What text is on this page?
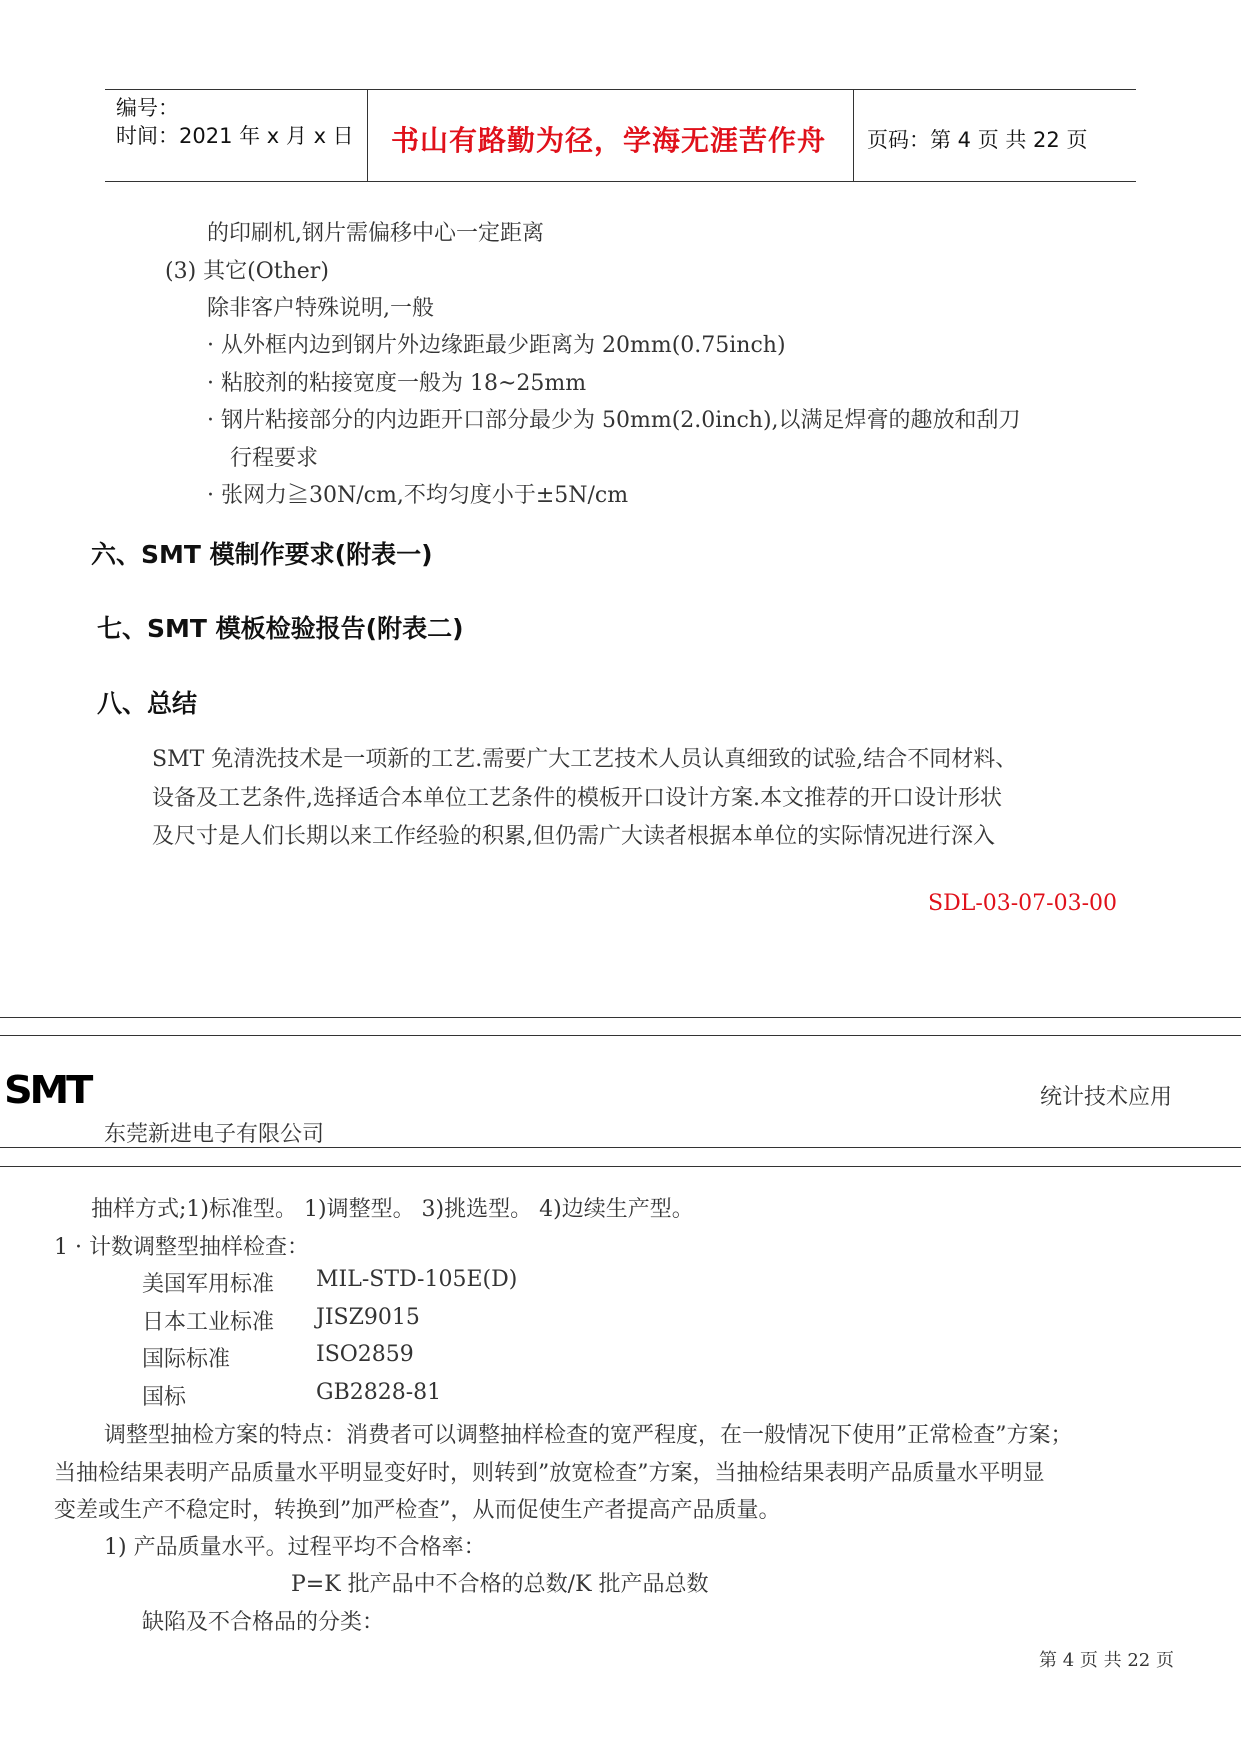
编号：
时间：2021 年 x 月 x 日 书山有路勤为径，学海无涯苦作舟 页码：第 4 页 共 22 页
的印刷机,钢片需偏移中心一定距离
(3) 其它(Other)
除非客户特殊说明,一般
· 从外框内边到钢片外边缘距最少距离为 20mm(0.75inch)
· 粘胶剂的粘接宽度一般为 18~25mm
· 钢片粘接部分的内边距开口部分最少为 50mm(2.0inch),以满足焊膏的趣放和刮刀
行程要求
· 张网力≧30N/cm,不均匀度小于±5N/cm
六、SMT 模制作要求(附表一)
七、SMT 模板检验报告(附表二)
八、总结
SMT 免清洗技术是一项新的工艺.需要广大工艺技术人员认真细致的试验,结合不同材料、
设备及工艺条件,选择适合本单位工艺条件的模板开口设计方案.本文推荐的开口设计形状
及尺寸是人们长期以来工作经验的积累,但仍需广大读者根据本单位的实际情况进行深入
SDL-03-07-03-00
SMT
东莞新进电子有限公司
统计技术应用
抽样方式;1)标准型。 1)调整型。 3)挑选型。 4)边续生产型。
1 · 计数调整型抽样检查：
美国军用标准 MIL-STD-105E(D)
日本工业标准 JISZ9015
国际标准	ISO2859
国标	GB2828-81
调整型抽检方案的特点：消费者可以调整抽样检查的宽严程度，在一般情况下使用”正常检查”方案；
当抽检结果表明产品质量水平明显变好时，则转到”放宽检查”方案，当抽检结果表明产品质量水平明显
变差或生产不稳定时，转换到”加严检查”，从而促使生产者提高产品质量。
1) 产品质量水平。过程平均不合格率：
P=K 批产品中不合格的总数/K 批产品总数
缺陷及不合格品的分类：
第 4 页 共 22 页
